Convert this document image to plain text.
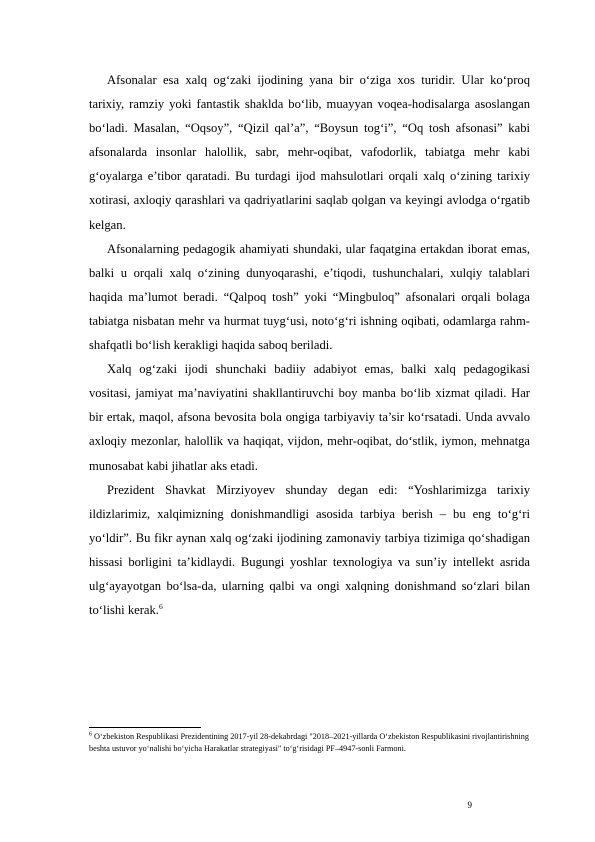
Afsonalar esa xalq og‘zaki ijodining yana bir o‘ziga xos turidir. Ular ko‘proq tarixiy, ramziy yoki fantastik shaklda bo‘lib, muayyan voqea-hodisalarga asoslangan bo‘ladi. Masalan, “Oqsoy”, “Qizil qal’a”, “Boysun tog‘i”, “Oq tosh afsonasi” kabi afsonalarda insonlar halollik, sabr, mehr-oqibat, vafodorlik, tabiatga mehr kabi g‘oyalarga e’tibor qaratadi. Bu turdagi ijod mahsulotlari orqali xalq o‘zining tarixiy xotirasi, axloqiy qarashlari va qadriyatlarini saqlab qolgan va keyingi avlodga o‘rgatib kelgan.

Afsonalarning pedagogik ahamiyati shundaki, ular faqatgina ertakdan iborat emas, balki u orqali xalq o‘zining dunyoqarashi, e’tiqodi, tushunchalari, xulqiy talablari haqida ma’lumot beradi. “Qalpoq tosh” yoki “Mingbuloq” afsonalari orqali bolaga tabiatga nisbatan mehr va hurmat tuyg‘usi, noto‘g‘ri ishning oqibati, odamlarga rahm-shafqatli bo‘lish kerakligi haqida saboq beriladi.

Xalq og‘zaki ijodi shunchaki badiiy adabiyot emas, balki xalq pedagogikasi vositasi, jamiyat ma’naviyatini shakllantiruvchi boy manba bo‘lib xizmat qiladi. Har bir ertak, maqol, afsona bevosita bola ongiga tarbiyaviy ta’sir ko‘rsatadi. Unda avvalo axloqiy mezonlar, halollik va haqiqat, vijdon, mehr-oqibat, do‘stlik, iymon, mehnatga munosabat kabi jihatlar aks etadi.

Prezident Shavkat Mirziyoyev shunday degan edi: “Yoshlarimizga tarixiy ildizlarimiz, xalqimizning donishmandligi asosida tarbiya berish – bu eng to‘g‘ri yo‘ldir”. Bu fikr aynan xalq og‘zaki ijodining zamonaviy tarbiya tizimiga qo‘shadigan hissasi borligini ta’kidlaydi. Bugungi yoshlar texnologiya va sun’iy intellekt asrida ulg‘ayayotgan bo‘lsa-da, ularning qalbi va ongi xalqning donishmand so‘zlari bilan to‘lishi kerak.$^6$

$^6$ O‘zbekiston Respublikasi Prezidentining 2017-yil 28-dekabrdagi "2018–2021-yillarda O‘zbekiston Respublikasini rivojlantirishning beshta ustuvor yo‘nalishi bo‘yicha Harakatlar strategiyasi" to‘g‘risidagi PF–4947-sonli Farmoni.

9
